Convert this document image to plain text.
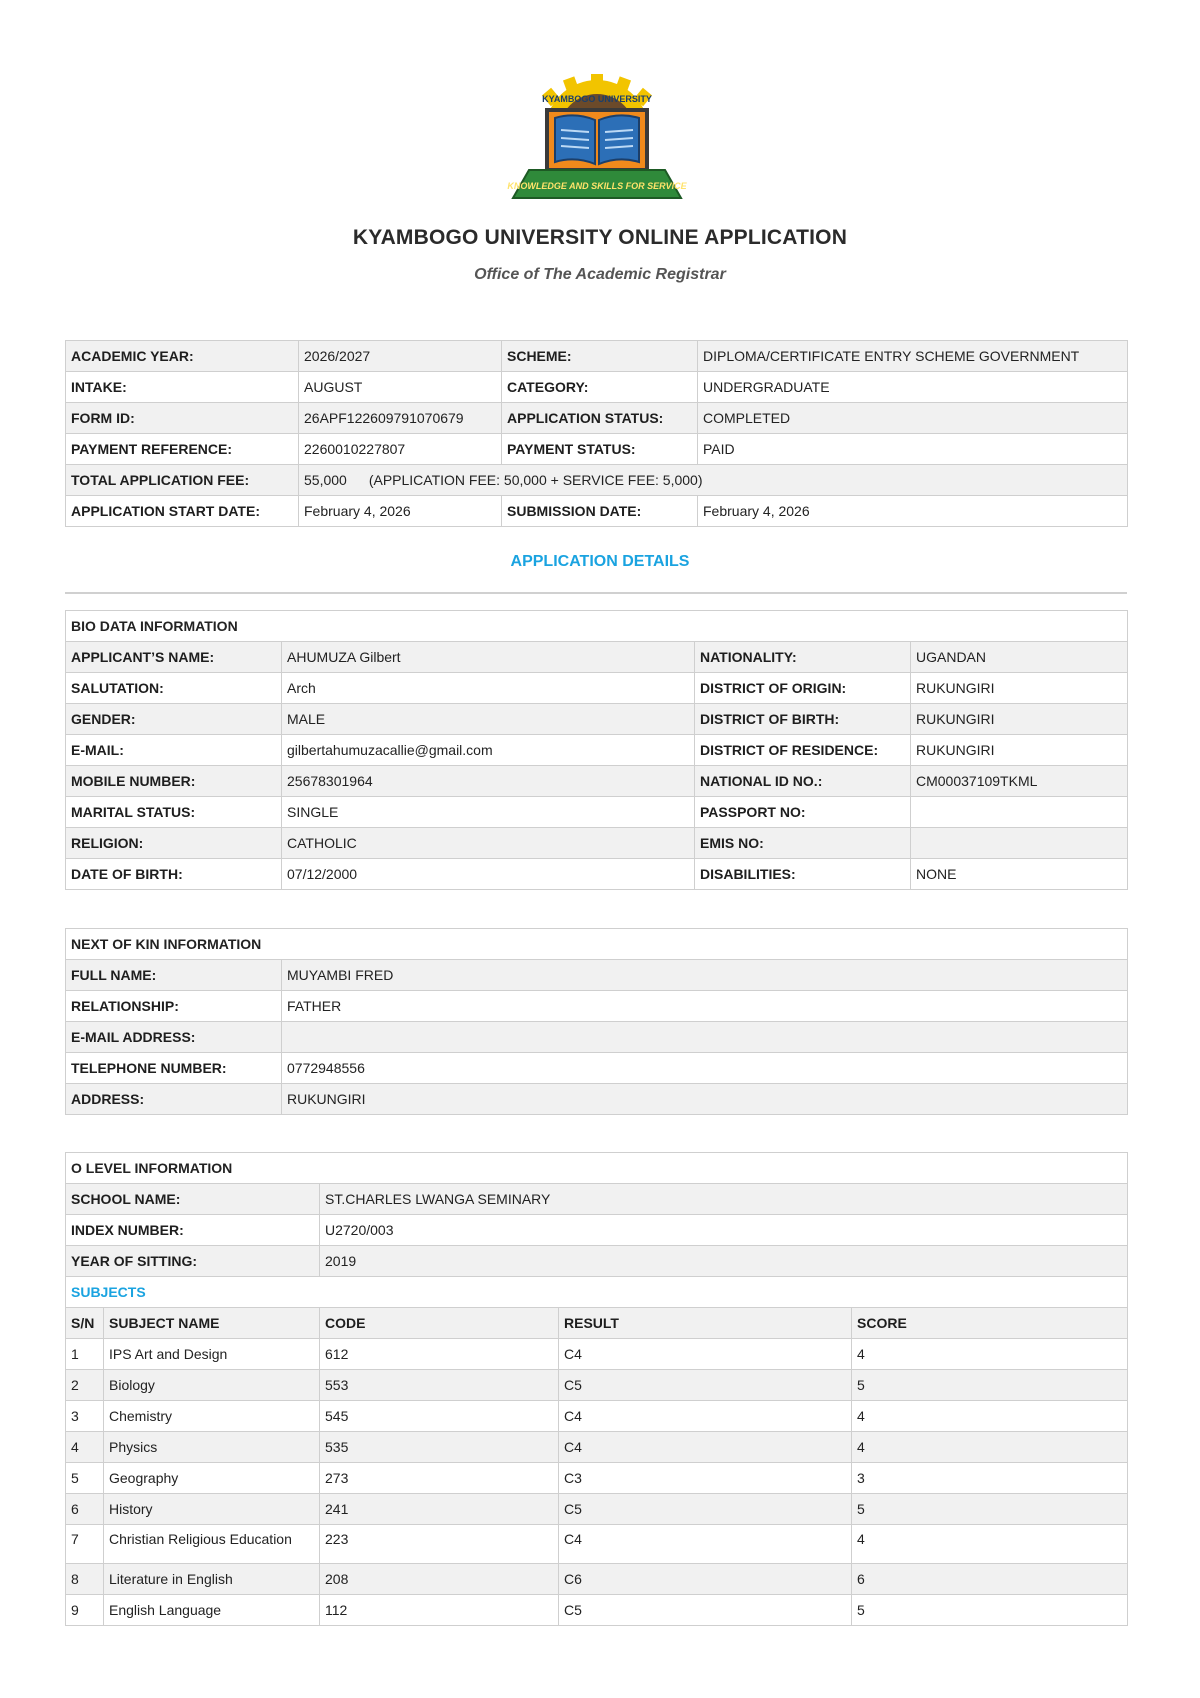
KNOWLEDGE AND SKILLS FOR SERVICE
KYAMBOGO UNIVERSITY
KYAMBOGO UNIVERSITY ONLINE APPLICATION
Office of The Academic Registrar
ACADEMIC YEAR:	2026/2027	SCHEME:	DIPLOMA/CERTIFICATE ENTRY SCHEME GOVERNMENT
INTAKE:	AUGUST	CATEGORY:	UNDERGRADUATE
FORM ID:	26APF122609791070679	APPLICATION STATUS:	COMPLETED
PAYMENT REFERENCE:	2260010227807	PAYMENT STATUS:	PAID
TOTAL APPLICATION FEE:	55,000 (APPLICATION FEE: 50,000 + SERVICE FEE: 5,000)		
APPLICATION START DATE:	February 4, 2026	SUBMISSION DATE:	February 4, 2026
APPLICATION DETAILS
BIO DATA INFORMATION			
APPLICANT’S NAME:	AHUMUZA Gilbert	NATIONALITY:	UGANDAN
SALUTATION:	Arch	DISTRICT OF ORIGIN:	RUKUNGIRI
GENDER:	MALE	DISTRICT OF BIRTH:	RUKUNGIRI
E-MAIL:	gilbertahumuzacallie@gmail.com	DISTRICT OF RESIDENCE:	RUKUNGIRI
MOBILE NUMBER:	25678301964	NATIONAL ID NO.:	CM00037109TKML
MARITAL STATUS:	SINGLE	PASSPORT NO:	
RELIGION:	CATHOLIC	EMIS NO:	
DATE OF BIRTH:	07/12/2000	DISABILITIES:	NONE
NEXT OF KIN INFORMATION	
FULL NAME:	MUYAMBI FRED
RELATIONSHIP:	FATHER
E-MAIL ADDRESS:	
TELEPHONE NUMBER:	0772948556
ADDRESS:	RUKUNGIRI
O LEVEL INFORMATION				
SCHOOL NAME:		ST.CHARLES LWANGA SEMINARY		
INDEX NUMBER:		U2720/003		
YEAR OF SITTING:		2019		
SUBJECTS				
S/N	SUBJECT NAME	CODE	RESULT	SCORE
1	IPS Art and Design	612	C4	4
2	Biology	553	C5	5
3	Chemistry	545	C4	4
4	Physics	535	C4	4
5	Geography	273	C3	3
6	History	241	C5	5
7	Christian Religious Education	223	C4	4
8	Literature in English	208	C6	6
9	English Language	112	C5	5
